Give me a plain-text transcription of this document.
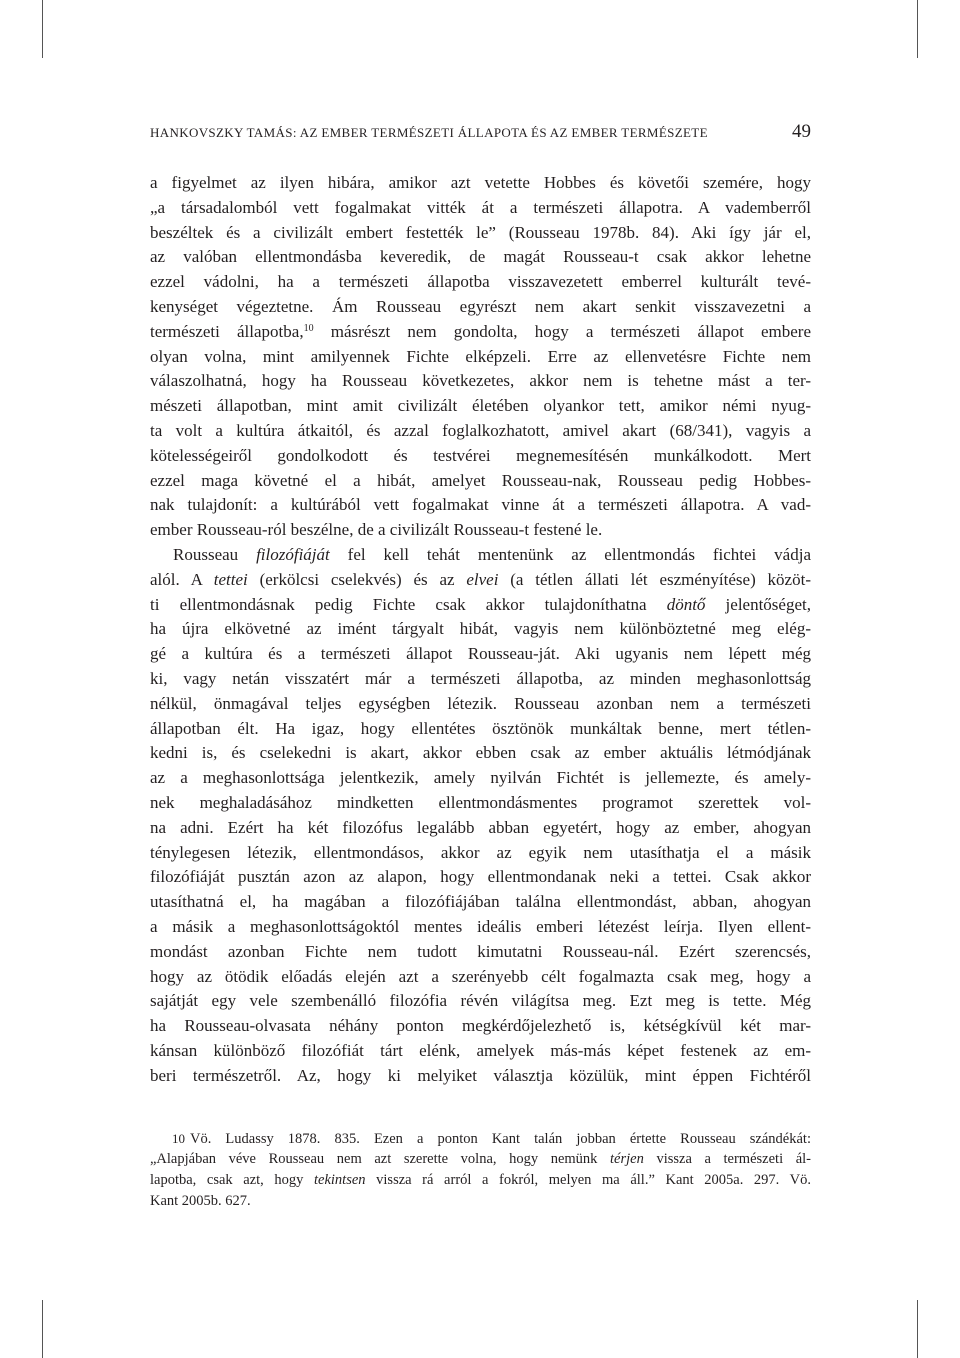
HANKOVSZKY TAMÁS: AZ EMBER TERMÉSZETI ÁLLAPOTA ÉS AZ EMBER TERMÉSZETE	49
a figyelmet az ilyen hibára, amikor azt vetette Hobbes és követői szemére, hogy
„a társadalomból vett fogalmakat vitték át a természeti állapotra. A vademberről
beszéltek és a civilizált embert festették le” (Rousseau 1978b. 84). Aki így jár el,
az valóban ellentmondásba keveredik, de magát Rousseau-t csak akkor lehetne
ezzel vádolni, ha a természeti állapotba visszavezetett emberrel kulturált tevé-
kenységet végeztetne. Ám Rousseau egyrészt nem akart senkit visszavezetni a
természeti állapotba,$^{10}$ másrészt nem gondolta, hogy a természeti állapot embere
olyan volna, mint amilyennek Fichte elképzeli. Erre az ellenvetésre Fichte nem
válaszolhatná, hogy ha Rousseau következetes, akkor nem is tehetne mást a ter-
mészeti állapotban, mint amit civilizált életében olyankor tett, amikor némi nyug-
ta volt a kultúra átkaitól, és azzal foglalkozhatott, amivel akart (68/341), vagyis a
kötelességeiről gondolkodott és testvérei megnemesítésén munkálkodott. Mert
ezzel maga követné el a hibát, amelyet Rousseau-nak, Rousseau pedig Hobbes-
nak tulajdonít: a kultúrából vett fogalmakat vinne át a természeti állapotra. A vad-
ember Rousseau-ról beszélne, de a civilizált Rousseau-t festené le.
Rousseau filozófiáját fel kell tehát mentenünk az ellentmondás fichtei vádja
alól. A tettei (erkölcsi cselekvés) és az elvei (a tétlen állati lét eszményítése) közöt-
ti ellentmondásnak pedig Fichte csak akkor tulajdoníthatna döntő jelentőséget,
ha újra elkövetné az imént tárgyalt hibát, vagyis nem különböztetné meg elég-
gé a kultúra és a természeti állapot Rousseau-ját. Aki ugyanis nem lépett még
ki, vagy netán visszatért már a természeti állapotba, az minden meghasonlottság
nélkül, önmagával teljes egységben létezik. Rousseau azonban nem a természeti
állapotban élt. Ha igaz, hogy ellentétes ösztönök munkáltak benne, mert tétlen-
kedni is, és cselekedni is akart, akkor ebben csak az ember aktuális létmódjának
az a meghasonlottsága jelentkezik, amely nyilván Fichtét is jellemezte, és amely-
nek meghaladásához mindketten ellentmondásmentes programot szerettek vol-
na adni. Ezért ha két filozófus legalább abban egyetért, hogy az ember, ahogyan
ténylegesen létezik, ellentmondásos, akkor az egyik nem utasíthatja el a másik
filozófiáját pusztán azon az alapon, hogy ellentmondanak neki a tettei. Csak akkor
utasíthatná el, ha magában a filozófiájában találna ellentmondást, abban, ahogyan
a másik a meghasonlottságoktól mentes ideális emberi létezést leírja. Ilyen ellent-
mondást azonban Fichte nem tudott kimutatni Rousseau-nál. Ezért szerencsés,
hogy az ötödik előadás elején azt a szerényebb célt fogalmazta csak meg, hogy a
sajátját egy vele szembenálló filozófia révén világítsa meg. Ezt meg is tette. Még
ha Rousseau-olvasata néhány ponton megkérdőjelezhető is, kétségkívül két mar-
kánsan különböző filozófiát tárt elénk, amelyek más-más képet festenek az em-
beri természetről. Az, hogy ki melyiket választja közülük, mint éppen Fichtéről
10 Vö. Ludassy 1878. 835. Ezen a ponton Kant talán jobban értette Rousseau szándékát:
„Alapjában véve Rousseau nem azt szerette volna, hogy nemünk térjen vissza a természeti ál-
lapotba, csak azt, hogy tekintsen vissza rá arról a fokról, melyen ma áll.” Kant 2005a. 297. Vö.
Kant 2005b. 627.
